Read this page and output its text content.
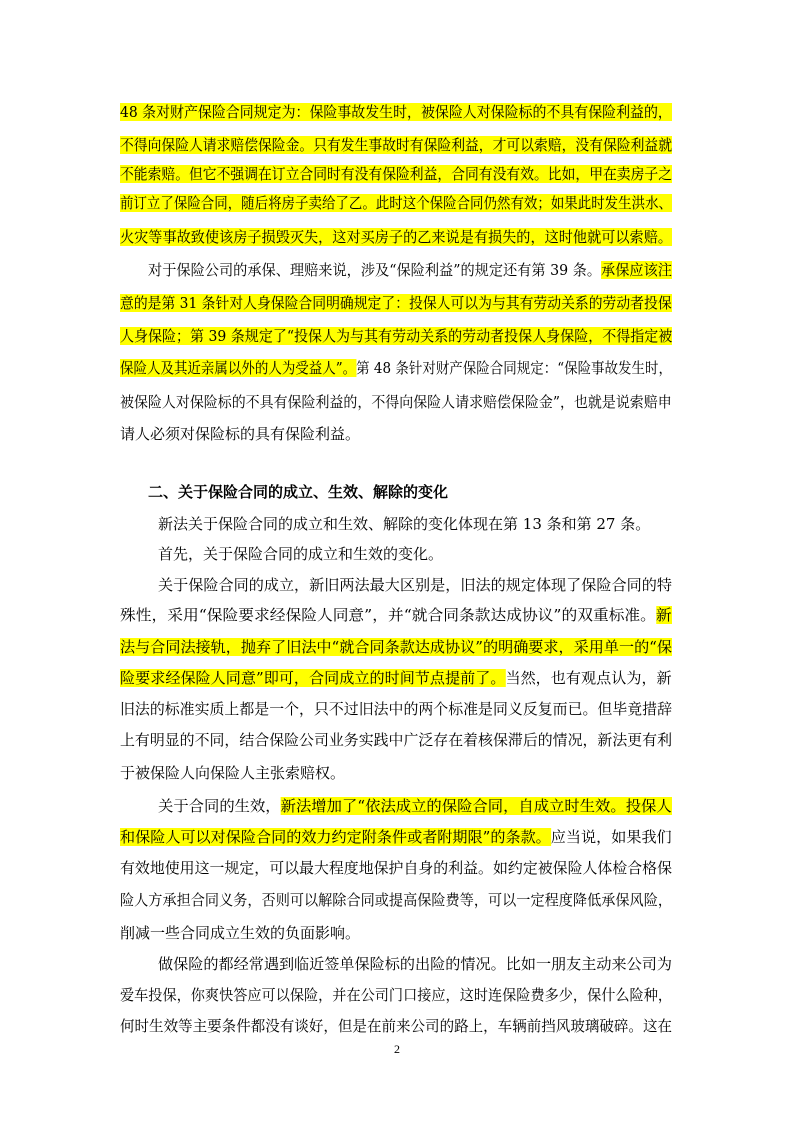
48 条对财产保险合同规定为：保险事故发生时，被保险人对保险标的不具有保险利益的，
不得向保险人请求赔偿保险金。只有发生事故时有保险利益，才可以索赔，没有保险利益就
不能索赔。但它不强调在订立合同时有没有保险利益，合同有没有效。比如，甲在卖房子之
前订立了保险合同，随后将房子卖给了乙。此时这个保险合同仍然有效；如果此时发生洪水、
火灾等事故致使该房子损毁灭失，这对买房子的乙来说是有损失的，这时他就可以索赔。
对于保险公司的承保、理赔来说，涉及“保险利益”的规定还有第 39 条。承保应该注
意的是第 31 条针对人身保险合同明确规定了：投保人可以为与其有劳动关系的劳动者投保
人身保险；第 39 条规定了“投保人为与其有劳动关系的劳动者投保人身保险，不得指定被
保险人及其近亲属以外的人为受益人”。第 48 条针对财产保险合同规定：“保险事故发生时，
被保险人对保险标的不具有保险利益的，不得向保险人请求赔偿保险金”，也就是说索赔申
请人必须对保险标的具有保险利益。
二、关于保险合同的成立、生效、解除的变化
新法关于保险合同的成立和生效、解除的变化体现在第 13 条和第 27 条。
首先，关于保险合同的成立和生效的变化。
关于保险合同的成立，新旧两法最大区别是，旧法的规定体现了保险合同的特
殊性，采用“保险要求经保险人同意”，并“就合同条款达成协议”的双重标准。新
法与合同法接轨，抛弃了旧法中“就合同条款达成协议”的明确要求，采用单一的“保
险要求经保险人同意”即可，合同成立的时间节点提前了。当然，也有观点认为，新
旧法的标准实质上都是一个，只不过旧法中的两个标准是同义反复而已。但毕竟措辞
上有明显的不同，结合保险公司业务实践中广泛存在着核保滞后的情况，新法更有利
于被保险人向保险人主张索赔权。
关于合同的生效，新法增加了“依法成立的保险合同，自成立时生效。投保人
和保险人可以对保险合同的效力约定附条件或者附期限”的条款。应当说，如果我们
有效地使用这一规定，可以最大程度地保护自身的利益。如约定被保险人体检合格保
险人方承担合同义务，否则可以解除合同或提高保险费等，可以一定程度降低承保风险，
削减一些合同成立生效的负面影响。
做保险的都经常遇到临近签单保险标的出险的情况。比如一朋友主动来公司为
爱车投保，你爽快答应可以保险，并在公司门口接应，这时连保险费多少，保什么险种，
何时生效等主要条件都没有谈好，但是在前来公司的路上，车辆前挡风玻璃破碎。这在
2
